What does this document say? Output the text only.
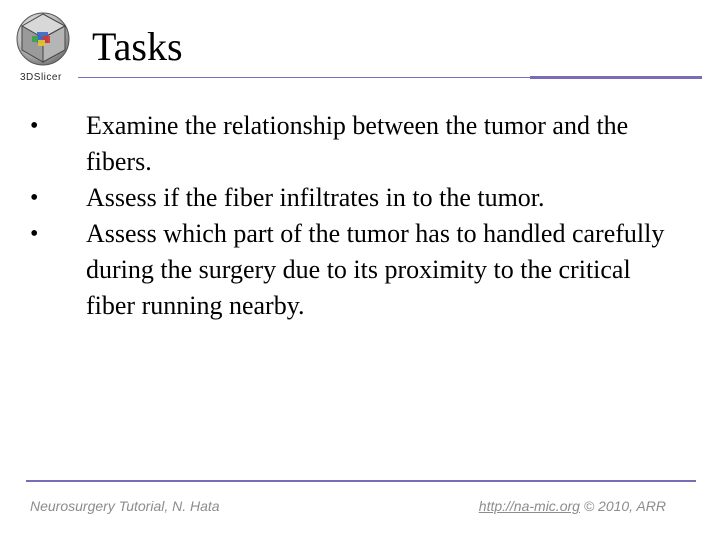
3DSlicer
Tasks
• Examine the relationship between the tumor and the fibers.
• Assess if the fiber infiltrates in to the tumor.
• Assess which part of the tumor has to handled carefully during the surgery due to its proximity to the critical fiber running nearby.
Neurosurgery Tutorial, N. Hata	http://na-mic.org © 2010, ARR
